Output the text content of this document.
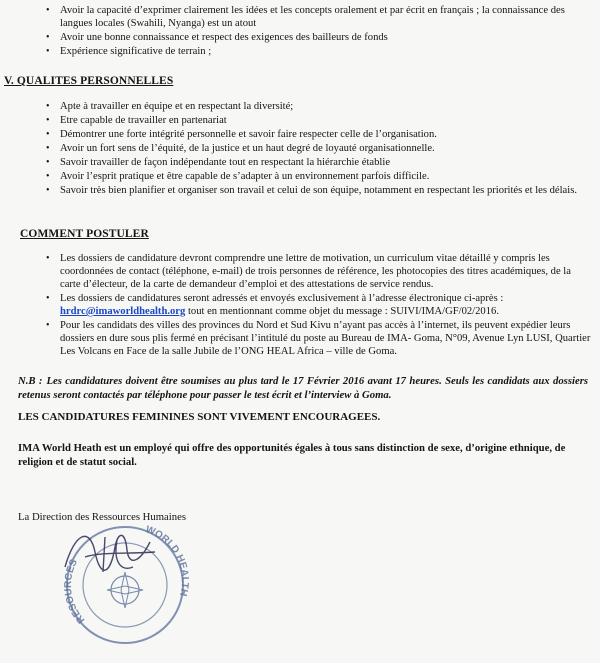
• Avoir la capacité d’exprimer clairement les idées et les concepts oralement et par écrit en français ; la connaissance des langues locales (Swahili, Nyanga) est un atout
• Avoir une bonne connaissance et respect des exigences des bailleurs de fonds
• Expérience significative de terrain ;
V. QUALITES PERSONNELLES
• Apte à travailler en équipe et en respectant la diversité;
• Etre capable de travailler en partenariat
• Démontrer une forte intégrité personnelle et savoir faire respecter celle de l’organisation.
• Avoir un fort sens de l’équité, de la justice et un haut degré de loyauté organisationnelle.
• Savoir travailler de façon indépendante tout en respectant la hiérarchie établie
• Avoir l’esprit pratique et être capable de s’adapter à un environnement parfois difficile.
• Savoir très bien planifier et organiser son travail et celui de son équipe, notamment en respectant les priorités et les délais.
COMMENT POSTULER
• Les dossiers de candidature devront comprendre une lettre de motivation, un curriculum vitae détaillé y compris les coordonnées de contact (téléphone, e-mail) de trois personnes de référence, les photocopies des titres académiques, de la carte d’électeur, de la carte de demandeur d’emploi et des attestations de service rendus.
• Les dossiers de candidatures seront adressés et envoyés exclusivement à l’adresse électronique ci-après :
hrdrc@imaworldhealth.org tout en mentionnant comme objet du message : SUIVI/IMA/GF/02/2016.
• Pour les candidats des villes des provinces du Nord et Sud Kivu n’ayant pas accès à l’internet, ils peuvent expédier leurs dossiers en dure sous plis fermé en précisant l’intitulé du poste au Bureau de IMA- Goma, N°09, Avenue Lyn LUSI, Quartier Les Volcans en Face de la salle Jubile de l’ONG HEAL Africa – ville de Goma.
N.B : Les candidatures doivent être soumises au plus tard le 17 Février 2016 avant 17 heures. Seuls les candidats aux dossiers retenus seront contactés par téléphone pour passer le test écrit et l’interview à Goma.
LES CANDIDATURES FEMININES SONT VIVEMENT ENCOURAGEES.
IMA World Heath est un employé qui offre des opportunités égales à tous sans distinction de sexe, d’origine ethnique, de religion et de statut social.
La Direction des Ressources Humaines
RESOURCES
WORLD HEALTH
